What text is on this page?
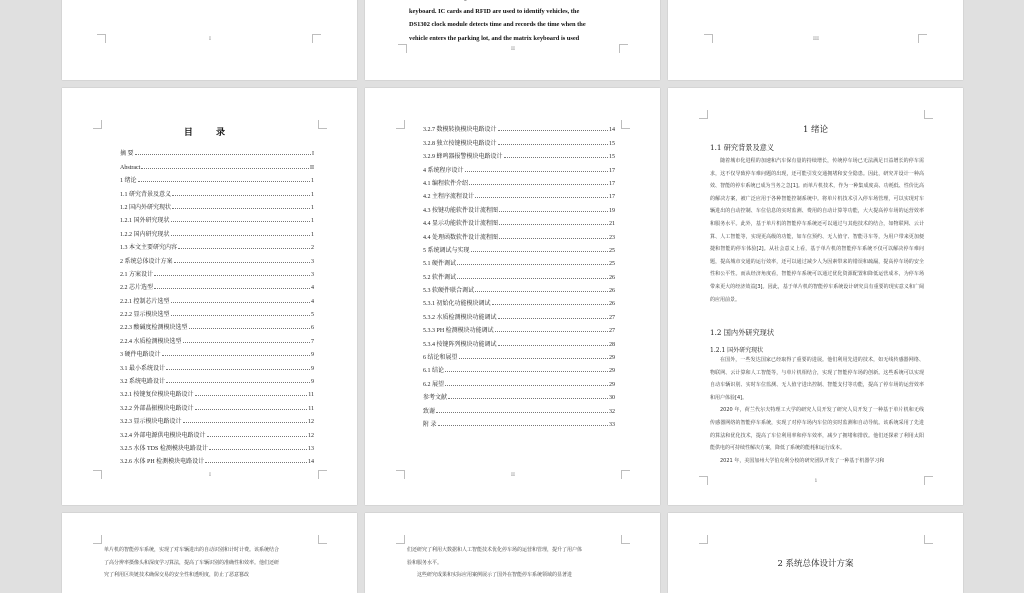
I
keyboard. IC cards and RFID are used to identify vehicles, the
DS1302 clock module detects time and records the time when the
vehicle enters the parking lot, and the matrix keyboard is used
II
III
目 录
摘 要	I
Abstract	II
1 绪论	1
1.1 研究背景及意义	1
1.2 国内外研究现状	1
1.2.1 国外研究现状	1
1.2.2 国内研究现状	1
1.3 本文主要研究内容	2
2 系统总体设计方案	3
2.1 方案设计	3
2.2 芯片选型	4
2.2.1 控制芯片选型	4
2.2.2 显示模块选型	5
2.2.3 酸碱度检测模块选型	6
2.2.4 水质检测模块选型	7
3 硬件电路设计	9
3.1 最小系统设计	9
3.2 系统电路设计	9
3.2.1 按键复位模块电路设计	11
3.2.2 外部晶振模块电路设计	11
3.2.3 显示模块电路设计	12
3.2.4 外部电源供电模块电路设计	12
3.2.5 水体 TDS 检测模块电路设计	13
3.2.6 水体 PH 检测模块电路设计	14
I
3.2.7 数模转换模块电路设计	14
3.2.8 独立按键模块电路设计	15
3.2.9 蜂鸣器报警模块电路设计	15
4 系统程序设计	17
4.1 编程软件介绍	17
4.2 主程序流程设计	17
4.3 按键功能软件设计流程图	19
4.4 显示功能软件设计流程图	21
4.4 处理函数软件设计流程图	23
5 系统调试与实现	25
5.1 硬件调试	25
5.2 软件调试	26
5.3 软硬件联合调试	26
5.3.1 初始化功能模块调试	26
5.3.2 水质检测模块功能调试	27
5.3.3 PH 检测模块功能调试	27
5.3.4 按键阵列模块功能调试	28
6 结论和展望	29
6.1 结论	29
6.2 展望	29
参考文献	30
致谢	32
附 录	33
II
1 绪论
1.1 研究背景及意义

随着城市化进程的加速和汽车保有量的持续增长，传统停车场已无法满足日益增长的停车需求，这不仅导致停车难问题的出现，还可能引发交通拥堵和安全隐患。因此，研究并设计一种高效、智能的停车系统已成为当务之急[1]。而单片机技术，作为一种集成度高、功耗低、性价比高的解决方案，被广泛应用于各种智能控制系统中。将单片机技术引入停车场管理，可以实现对车辆进出的自动控制、车位信息的实时监测、费用的自动计算等功能，大大提高停车场的运营效率和服务水平。此外，基于单片机的智能停车系统还可以通过与其他技术的结合，如物联网、云计算、人工智能等，实现更高级的功能，如车位预约、无人值守、智能寻车等，为用户带来更加便捷和智能的停车体验[2]。从社会意义上看，基于单片机的智能停车系统不仅可以解决停车难问题，提高城市交通的运行效率，还可以通过减少人为因素带来的错误和疏漏，提高停车场的安全性和公平性。而从经济角度看，智能停车系统可以通过优化资源配置和降低运营成本，为停车场带来更大的经济效益[3]。因此，基于单片机的智能停车系统设计研究具有重要的现实意义和广阔的应用前景。

1.2 国内外研究现状
1.2.1 国外研究现状

在国外，一些发达国家已经取得了重要的进展。他们利用先进的技术，如无线传感器网络、物联网、云计算和人工智能等，与单片机相结合，实现了智能停车场的创新。这些系统可以实现自动车辆识别、实时车位监测、无人值守进出控制、智能支付等功能，提高了停车场的运营效率和用户体验[4]。

2020 年，荷兰代尔夫特理工大学的研究人员开发了研究人员开发了一种基于单片机和无线传感器网络的智能停车系统，实现了对停车场内车位的实时监测和自动导航。该系统采用了先进的算法和优化技术，提高了车位利用率和停车效率，减少了拥堵和排放。他们还探索了利用太阳能供电的可持续性解决方案，降低了系统的能耗和运行成本。

2021 年，美国加州大学伯克利分校的研究团队开发了一种基于机器学习和

1
单片机的智能停车系统，实现了对车辆进出的自动识别和计时计费。该系统结合
了高分辨率摄像头和深度学习算法，提高了车辆识别的准确性和效率。他们还研
究了利用区块链技术确保交易的安全性和透明度，防止了恶意篡改
们还研究了利用大数据和人工智能技术优化停车场的运营和管理，提升了用户体
验和服务水平。
这些研究成果和实际应用案例展示了国外在智能停车系统领域的显著进
2 系统总体设计方案
